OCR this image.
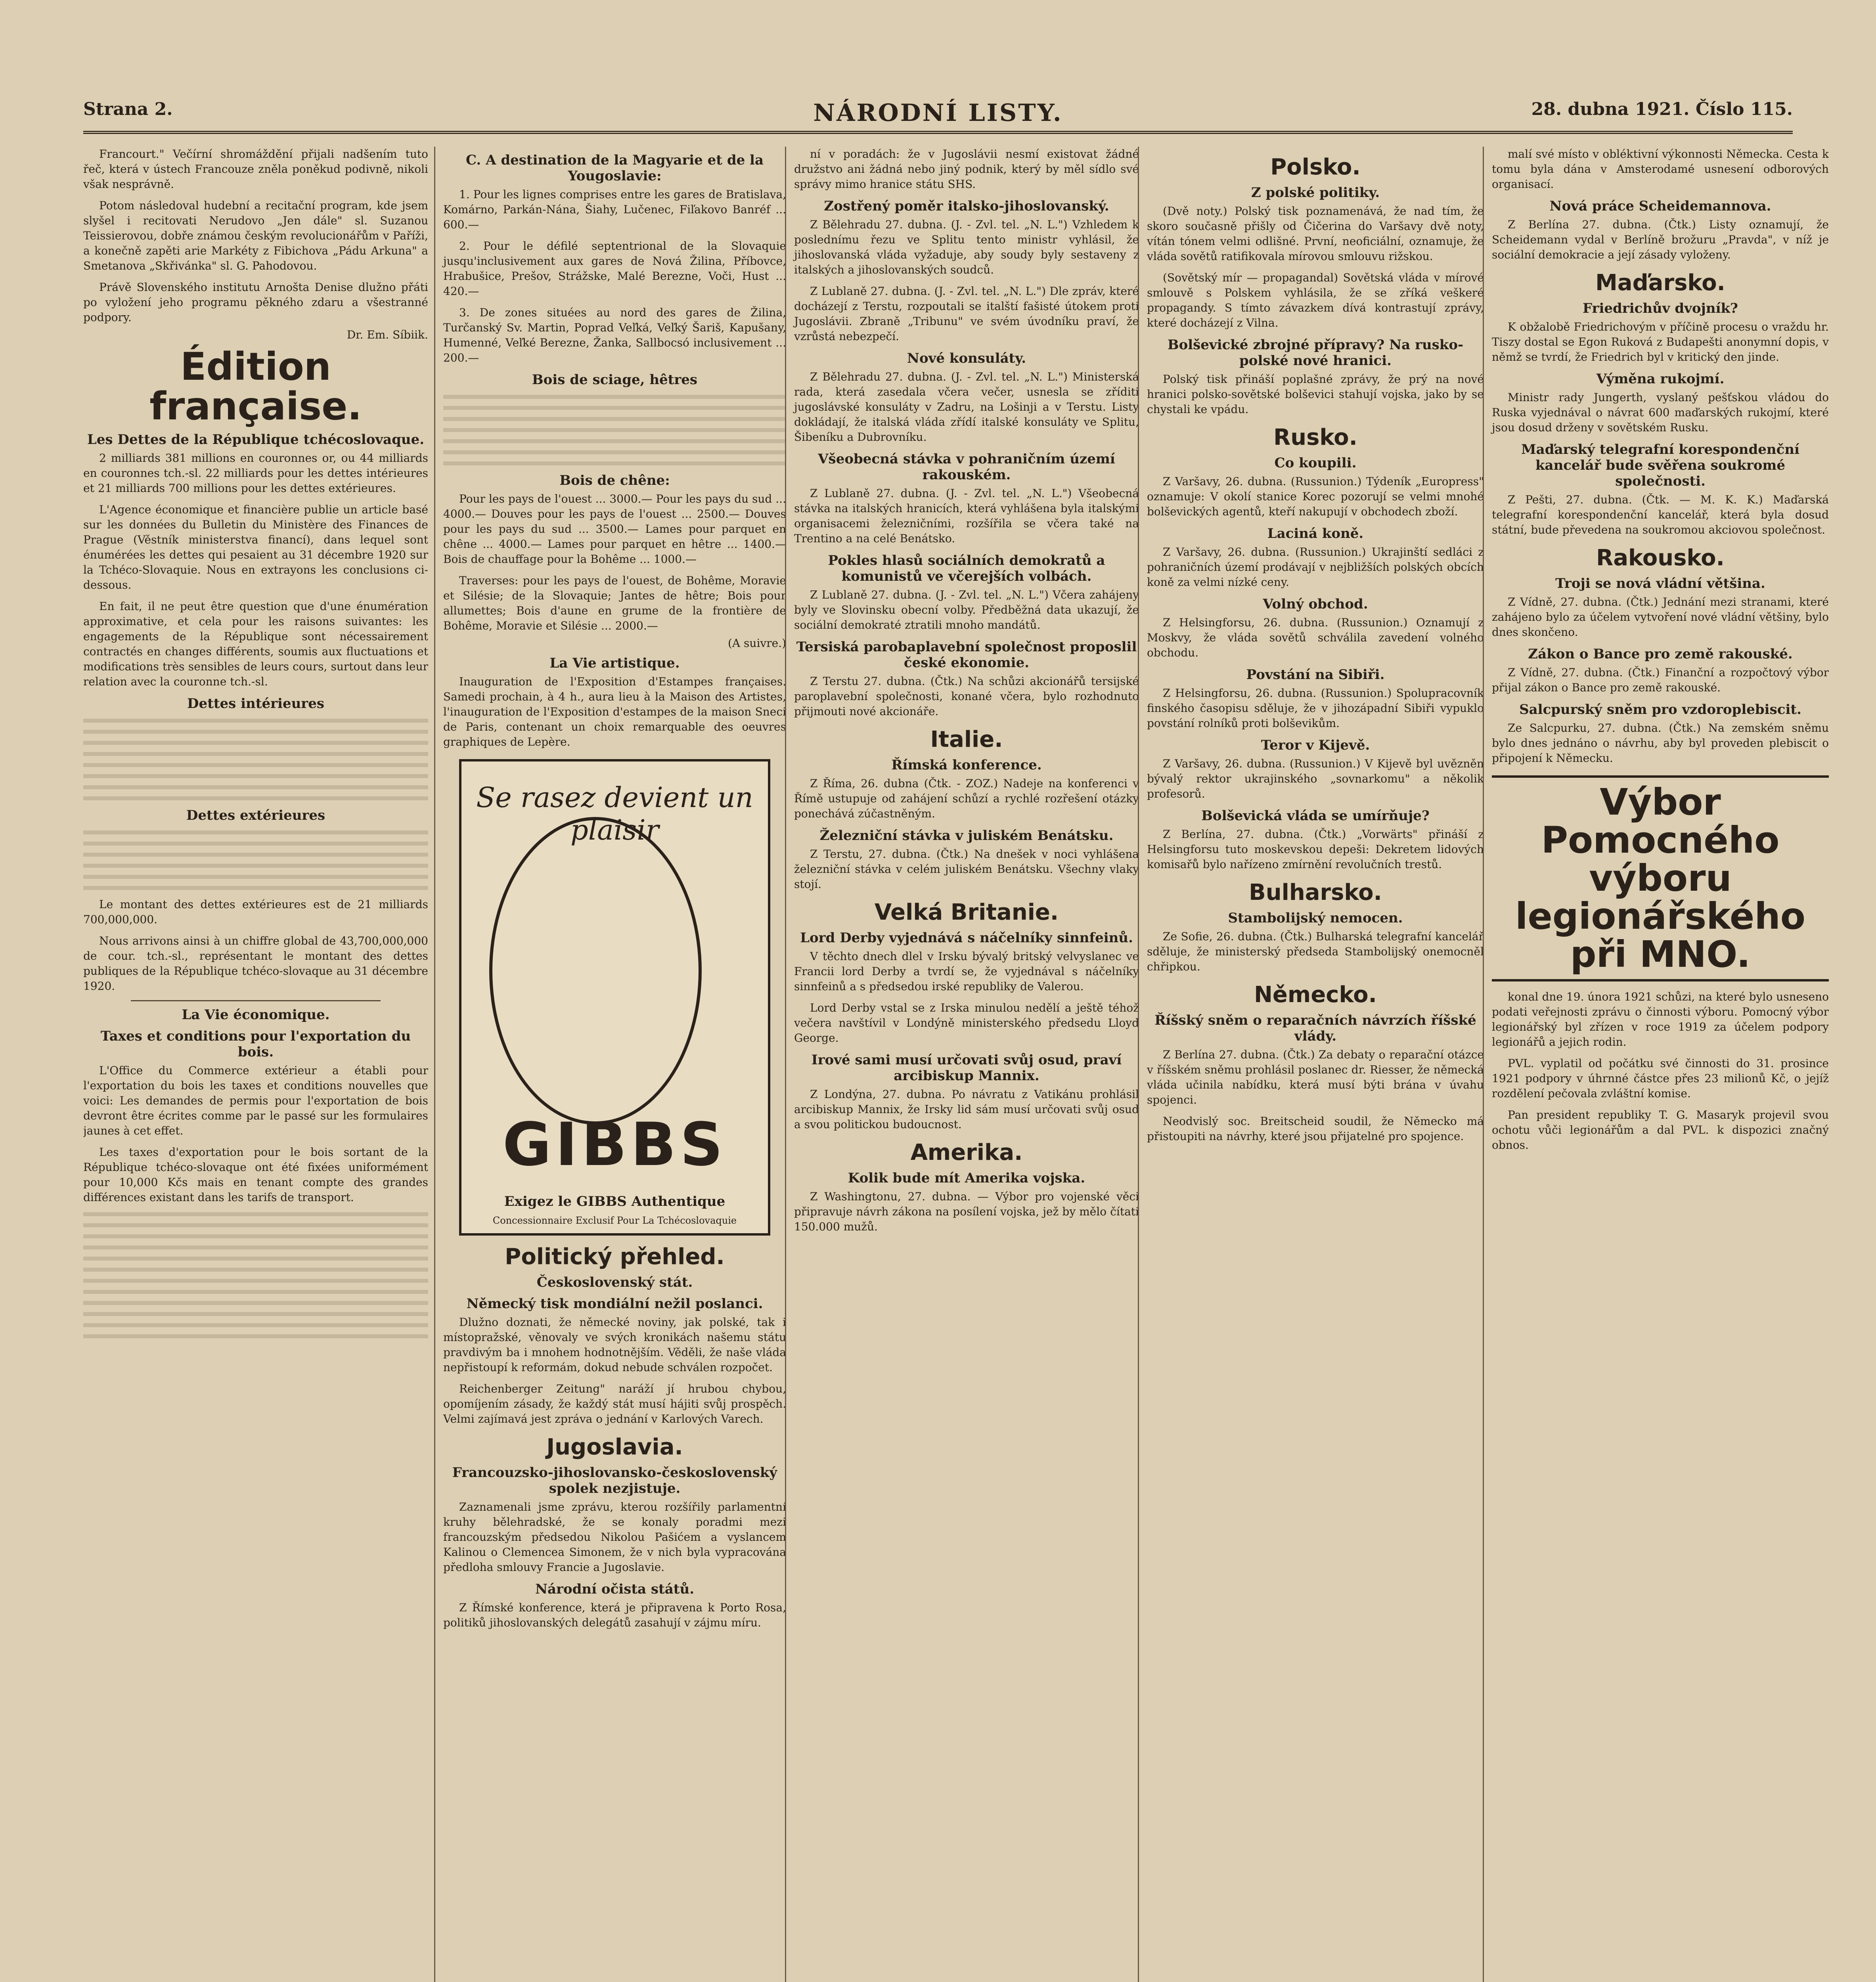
Strana 2.	NÁRODNÍ LISTY.	28. dubna 1921. Číslo 115.

Francourt." Večírní shromáždění přijali nadšením tuto řeč, která v ústech Francouze zněla poněkud podivně, nikoli však nesprávně.

Potom následoval hudební a recitační program, kde jsem slyšel i recitovati Nerudovo „Jen dále" sl. Suzanou Teissierovou, dobře známou českým revolucionářům v Paříži, a konečně zapěti arie Markéty z Fibichova „Pádu Arkuna" a Smetanova „Skřivánka" sl. G. Pahodovou.

Právě Slovenského institutu Arnošta Denise dlužno přáti po vyložení jeho programu pěkného zdaru a všestranné podpory.

Dr. Em. Síbiik.
Édition française.
Les Dettes de la République tchécoslovaque.

2 milliards 381 millions en couronnes or, ou 44 milliards en couronnes tch.-sl. 22 milliards pour les dettes intérieures et 21 milliards 700 millions pour les dettes extérieures.

L'Agence économique et financière publie un article basé sur les données du Bulletin du Ministère des Finances de Prague (Věstník ministerstva financí), dans lequel sont énumérées les dettes qui pesaient au 31 décembre 1920 sur la Tchéco-Slovaquie. Nous en extrayons les conclusions ci-dessous.

En fait, il ne peut être question que d'une énumération approximative, et cela pour les raisons suivantes: les engagements de la République sont nécessairement contractés en changes différents, soumis aux fluctuations et modifications très sensibles de leurs cours, surtout dans leur relation avec la couronne tch.-sl.

Dettes intérieures
Dettes extérieures

Le montant des dettes extérieures est de 21 milliards 700,000,000.

Nous arrivons ainsi à un chiffre global de 43,700,000,000 de cour. tch.-sl., représentant le montant des dettes publiques de la République tchéco-slovaque au 31 décembre 1920.

La Vie économique.
Taxes et conditions pour l'exportation du bois.

L'Office du Commerce extérieur a établi pour l'exportation du bois les taxes et conditions nouvelles que voici: Les demandes de permis pour l'exportation de bois devront être écrites comme par le passé sur les formulaires jaunes à cet effet.

Les taxes d'exportation pour le bois sortant de la République tchéco-slovaque ont été fixées uniformément pour 10,000 Kčs mais en tenant compte des grandes différences existant dans les tarifs de transport.

C. A destination de la Magyarie et de la Yougoslavie:

1. Pour les lignes comprises entre les gares de Bratislava, Komárno, Parkán-Nána, Šiahy, Lučenec, Fiľakovo Banréf ... 600.—

2. Pour le défilé septentrional de la Slovaquie jusqu'inclusivement aux gares de Nová Žilina, Příbovce, Hrabušice, Prešov, Strážske, Malé Berezne, Voči, Hust ... 420.—

3. De zones situées au nord des gares de Žilina, Turčanský Sv. Martin, Poprad Veľká, Veľký Šariš, Kapušany, Humenné, Veľké Berezne, Žanka, Sallbocsó inclusivement ... 200.—

Bois de sciage, hêtres
Bois de chêne:

Pour les pays de l'ouest ... 3000.— Pour les pays du sud ... 4000.— Douves pour les pays de l'ouest ... 2500.— Douves pour les pays du sud ... 3500.— Lames pour parquet en chêne ... 4000.— Lames pour parquet en hêtre ... 1400.— Bois de chauffage pour la Bohême ... 1000.—

Traverses: pour les pays de l'ouest, de Bohême, Moravie et Silésie; de la Slovaquie; Jantes de hêtre; Bois pour allumettes; Bois d'aune en grume de la frontière de Bohême, Moravie et Silésie ... 2000.—

(A suivre.)
La Vie artistique.

Inauguration de l'Exposition d'Estampes françaises. Samedi prochain, à 4 h., aura lieu à la Maison des Artistes, l'inauguration de l'Exposition d'estampes de la maison Sneci de Paris, contenant un choix remarquable des oeuvres graphiques de Lepère.

Se rasez devient un plaisir
GIBBS
Exigez le GIBBS Authentique
Concessionnaire Exclusif Pour La Tchécoslovaquie
Politický přehled.
Československý stát.
Německý tisk mondiální nežil poslanci.

Dlužno doznati, že německé noviny, jak polské, tak i místopražské, věnovaly ve svých kronikách našemu státu pravdivým ba i mnohem hodnotnějším. Věděli, že naše vláda nepřistoupí k reformám, dokud nebude schválen rozpočet.

Reichenberger Zeitung" naráží jí hrubou chybou, opomíjením zásady, že každý stát musí hájiti svůj prospěch. Velmi zajímavá jest zpráva o jednání v Karlových Varech.

Jugoslavia.
Francouzsko-jihoslovansko-československý spolek nezjistuje.

Zaznamenali jsme zprávu, kterou rozšířily parlamentní kruhy bělehradské, že se konaly poradmi mezi francouzským předsedou Nikolou Pašićem a vyslancem Kalinou o Clemencea Simonem, že v nich byla vypracována předloha smlouvy Francie a Jugoslavie.

Národní očista států.

Z Římské konference, která je připravena k Porto Rosa, politiků jihoslovanských delegátů zasahují v zájmu míru.

ní v poradách: že v Jugoslávii nesmí existovat žádné družstvo ani žádná nebo jiný podnik, který by měl sídlo své správy mimo hranice státu SHS.

Zostřený poměr italsko-jihoslovanský.

Z Bělehradu 27. dubna. (J. - Zvl. tel. „N. L.") Vzhledem k poslednímu řezu ve Splitu tento ministr vyhlásil, že jihoslovanská vláda vyžaduje, aby soudy byly sestaveny z italských a jihoslovanských soudců.

Z Lublaně 27. dubna. (J. - Zvl. tel. „N. L.") Dle zpráv, které docházejí z Terstu, rozpoutali se italští fašisté útokem proti Jugoslávii. Zbraně „Tribunu" ve svém úvodníku praví, že vzrůstá nebezpečí.

Nové konsuláty.

Z Bělehradu 27. dubna. (J. - Zvl. tel. „N. L.") Ministerská rada, která zasedala včera večer, usnesla se zříditi jugoslávské konsuláty v Zadru, na Lošinji a v Terstu. Listy dokládají, že italská vláda zřídí italské konsuláty ve Splitu, Šibeníku a Dubrovníku.

Všeobecná stávka v pohraničním území rakouském.

Z Lublaně 27. dubna. (J. - Zvl. tel. „N. L.") Všeobecná stávka na italských hranicích, která vyhlášena byla italskými organisacemi železničními, rozšířila se včera také na Trentino a na celé Benátsko.

Pokles hlasů sociálních demokratů a komunistů ve včerejších volbách.

Z Lublaně 27. dubna. (J. - Zvl. tel. „N. L.") Včera zahájeny byly ve Slovinsku obecní volby. Předběžná data ukazují, že sociální demokraté ztratili mnoho mandátů.

Tersiská parobaplavební společnost proposlil české ekonomie.

Z Terstu 27. dubna. (Čtk.) Na schůzi akcionářů tersijské paroplavební společnosti, konané včera, bylo rozhodnuto přijmouti nové akcionáře.

Italie.
Římská konference.

Z Říma, 26. dubna (Čtk. - ZOZ.) Nadeje na konferenci v Římě ustupuje od zahájení schůzí a rychlé rozřešení otázky ponechává zúčastněným.

Železniční stávka v juliském Benátsku.

Z Terstu, 27. dubna. (Čtk.) Na dnešek v noci vyhlášena železniční stávka v celém juliském Benátsku. Všechny vlaky stojí.

Velká Britanie.
Lord Derby vyjednává s náčelníky sinnfeinů.

V těchto dnech dlel v Irsku bývalý britský velvyslanec ve Francii lord Derby a tvrdí se, že vyjednával s náčelníky sinnfeinů a s předsedou irské republiky de Valerou.

Lord Derby vstal se z Irska minulou nedělí a ještě téhož večera navštívil v Londýně ministerského předsedu Lloyd George.

Irové sami musí určovati svůj osud, praví arcibiskup Mannix.

Z Londýna, 27. dubna. Po návratu z Vatikánu prohlásil arcibiskup Mannix, že Irsky lid sám musí určovati svůj osud a svou politickou budoucnost.

Amerika.
Kolik bude mít Amerika vojska.

Z Washingtonu, 27. dubna. — Výbor pro vojenské věci připravuje návrh zákona na posílení vojska, jež by mělo čítati 150.000 mužů.

Polsko.
Z polské politiky.

(Dvě noty.) Polský tisk poznamenává, že nad tím, že skoro současně přišly od Čičerina do Varšavy dvě noty, vítán tónem velmi odlišné. První, neoficiální, oznamuje, že vláda sovětů ratifikovala mírovou smlouvu rižskou.

(Sovětský mír — propagandal) Sovětská vláda v mírové smlouvě s Polskem vyhlásila, že se zříká veškeré propagandy. S tímto závazkem dívá kontrastují zprávy, které docházejí z Vilna.

Bolševické zbrojné přípravy? Na rusko-polské nové hranici.

Polský tisk přináší poplašné zprávy, že prý na nové hranici polsko-sovětské bolševici stahují vojska, jako by se chystali ke vpádu.

Rusko.
Co koupili.

Z Varšavy, 26. dubna. (Russunion.) Týdeník „Europress" oznamuje: V okolí stanice Korec pozorují se velmi mnohé bolševických agentů, kteří nakupují v obchodech zboží.

Laciná koně.

Z Varšavy, 26. dubna. (Russunion.) Ukrajinští sedláci z pohraničních území prodávají v nejbližších polských obcích koně za velmi nízké ceny.

Volný obchod.

Z Helsingforsu, 26. dubna. (Russunion.) Oznamují z Moskvy, že vláda sovětů schválila zavedení volného obchodu.

Povstání na Sibiři.

Z Helsingforsu, 26. dubna. (Russunion.) Spolupracovník finského časopisu sděluje, že v jihozápadní Sibiři vypuklo povstání rolníků proti bolševikům.

Teror v Kijevě.

Z Varšavy, 26. dubna. (Russunion.) V Kijevě byl uvězněn bývalý rektor ukrajinského „sovnarkomu" a několik profesorů.

Bolševická vláda se umírňuje?

Z Berlína, 27. dubna. (Čtk.) „Vorwärts" přináší z Helsingforsu tuto moskevskou depeši: Dekretem lidových komisařů bylo nařízeno zmírnění revolučních trestů.

Bulharsko.
Stambolijský nemocen.

Ze Sofie, 26. dubna. (Čtk.) Bulharská telegrafní kancelář sděluje, že ministerský předseda Stambolijský onemocněl chřipkou.

Německo.
Říšský sněm o reparačních návrzích říšské vlády.

Z Berlína 27. dubna. (Čtk.) Za debaty o reparační otázce v říšském sněmu prohlásil poslanec dr. Riesser, že německá vláda učinila nabídku, která musí býti brána v úvahu spojenci.

Neodvislý soc. Breitscheid soudil, že Německo má přistoupiti na návrhy, které jsou přijatelné pro spojence.

malí své místo v obléktivní výkonnosti Německa. Cesta k tomu byla dána v Amsterodamé usnesení odborových organisací.

Nová práce Scheidemannova.

Z Berlína 27. dubna. (Čtk.) Listy oznamují, že Scheidemann vydal v Berlíně brožuru „Pravda", v níž je sociální demokracie a její zásady vyloženy.

Maďarsko.
Friedrichův dvojník?

K obžalobě Friedrichovým v příčině procesu o vraždu hr. Tiszy dostal se Egon Ruková z Budapešti anonymní dopis, v němž se tvrdí, že Friedrich byl v kritický den jinde.

Výměna rukojmí.

Ministr rady Jungerth, vyslaný pešťskou vládou do Ruska vyjednával o návrat 600 maďarských rukojmí, které jsou dosud drženy v sovětském Rusku.

Maďarský telegrafní korespondenční kancelář bude svěřena soukromé společnosti.

Z Pešti, 27. dubna. (Čtk. — M. K. K.) Maďarská telegrafní korespondenční kancelář, která byla dosud státní, bude převedena na soukromou akciovou společnost.

Rakousko.
Troji se nová vládní většina.

Z Vídně, 27. dubna. (Čtk.) Jednání mezi stranami, které zahájeno bylo za účelem vytvoření nové vládní většiny, bylo dnes skončeno.

Zákon o Bance pro země rakouské.

Z Vídně, 27. dubna. (Čtk.) Finanční a rozpočtový výbor přijal zákon o Bance pro země rakouské.

Salcpurský sněm pro vzdoroplebiscit.

Ze Salcpurku, 27. dubna. (Čtk.) Na zemském sněmu bylo dnes jednáno o návrhu, aby byl proveden plebiscit o připojení k Německu.

Výbor Pomocného výboru legionářského při MNO.

konal dne 19. února 1921 schůzi, na které bylo usneseno podati veřejnosti zprávu o činnosti výboru. Pomocný výbor legionářský byl zřízen v roce 1919 za účelem podpory legionářů a jejich rodin.

PVL. vyplatil od počátku své činnosti do 31. prosince 1921 podpory v úhrnné částce přes 23 milionů Kč, o jejíž rozdělení pečovala zvláštní komise.

Pan president republiky T. G. Masaryk projevil svou ochotu vůči legionářům a dal PVL. k dispozici značný obnos.
